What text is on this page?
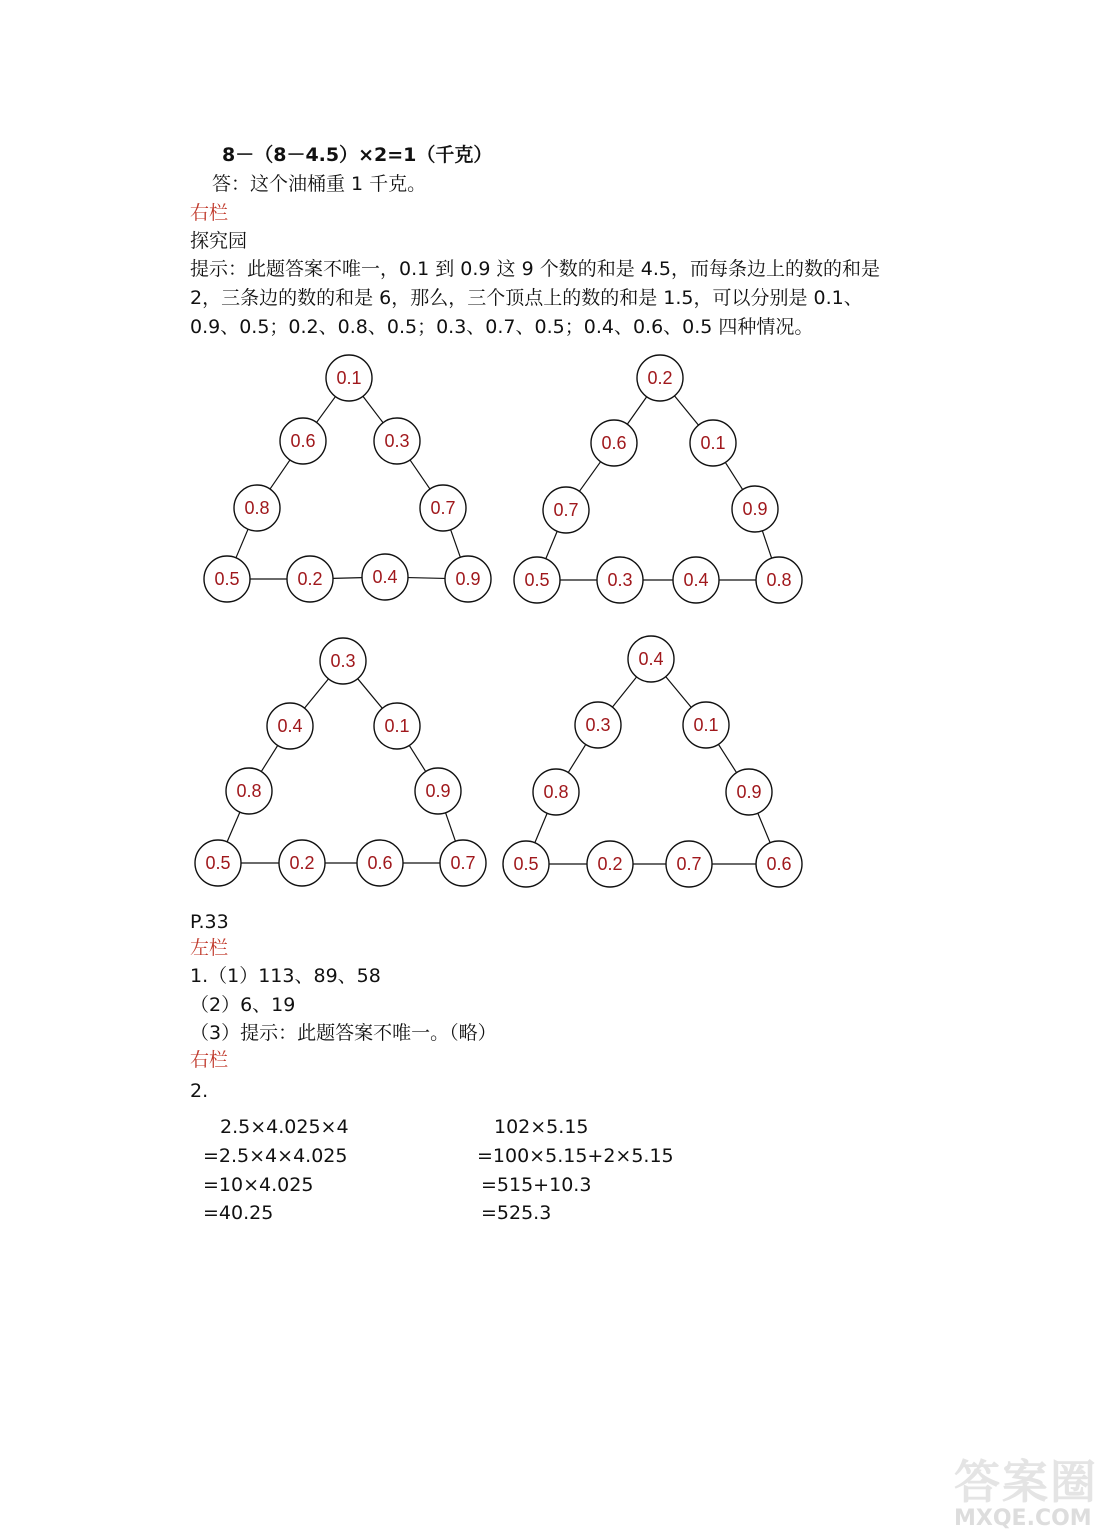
8－（8－4.5）×2=1（千克）
答：这个油桶重 1 千克。
右栏
探究园
提示：此题答案不唯一，0.1 到 0.9 这 9 个数的和是 4.5，而每条边上的数的和是
2，三条边的数的和是 6，那么，三个顶点上的数的和是 1.5，可以分别是 0.1、
0.9、0.5；0.2、0.8、0.5；0.3、0.7、0.5；0.4、0.6、0.5 四种情况。
0.1
0.6
0.8
0.3
0.7
0.5	0.2	0.4	0.9
0.2
0.6
0.7
0.1
0.9
0.5	0.3	0.4	0.8
0.3
0.4
0.8
0.1
0.9
0.5	0.2	0.6	0.7
0.4
0.3
0.8
0.1
0.9
0.5	0.2	0.7	0.6
P.33
左栏
1.（1）113、89、58
（2）6、19
（3）提示：此题答案不唯一。（略）
右栏
2.
2.5×4.025×4
=2.5×4×4.025
=10×4.025
=40.25
102×5.15
=100×5.15+2×5.15
=515+10.3
=525.3
答案圈
MXQE.COM
